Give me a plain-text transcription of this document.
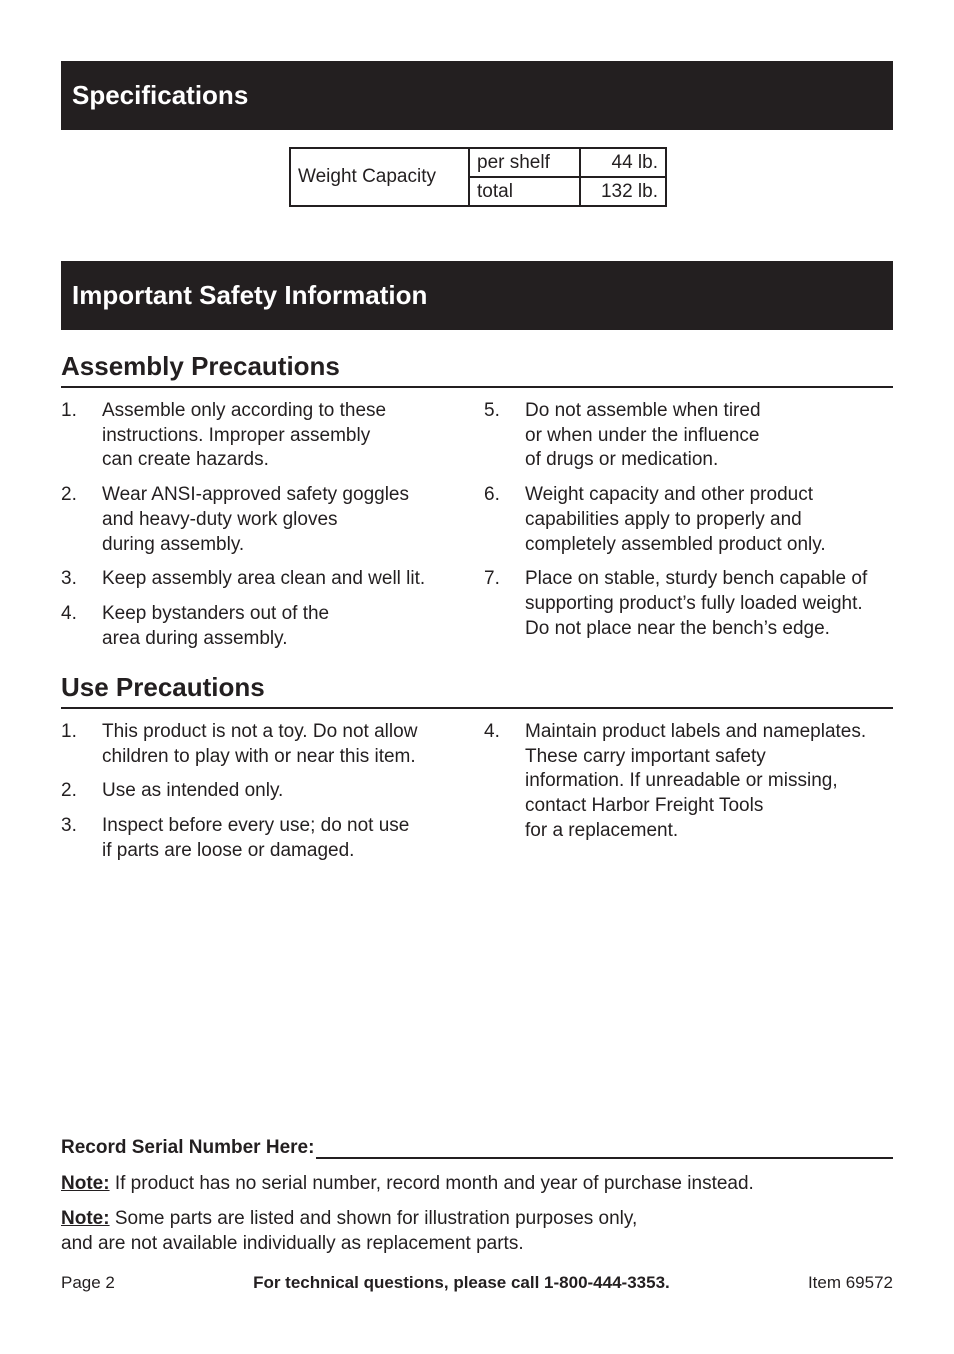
Specifications
Weight Capacity	per shelf	44 lb.
	total	132 lb.
Important Safety Information
Assembly Precautions
1. Assemble only according to these
instructions. Improper assembly
can create hazards.
2. Wear ANSI-approved safety goggles
and heavy-duty work gloves
during assembly.
3. Keep assembly area clean and well lit.
4. Keep bystanders out of the
area during assembly.
5. Do not assemble when tired
or when under the influence
of drugs or medication.
6. Weight capacity and other product
capabilities apply to properly and
completely assembled product only.
7. Place on stable, sturdy bench capable of
supporting product’s fully loaded weight.
Do not place near the bench’s edge.
Use Precautions
1. This product is not a toy. Do not allow
children to play with or near this item.
2. Use as intended only.
3. Inspect before every use; do not use
if parts are loose or damaged.
4. Maintain product labels and nameplates.
These carry important safety
information. If unreadable or missing,
contact Harbor Freight Tools
for a replacement.
Record Serial Number Here:
Note: If product has no serial number, record month and year of purchase instead.
Note: Some parts are listed and shown for illustration purposes only,
and are not available individually as replacement parts.
Page 2	For technical questions, please call 1-800-444-3353.	Item 69572
